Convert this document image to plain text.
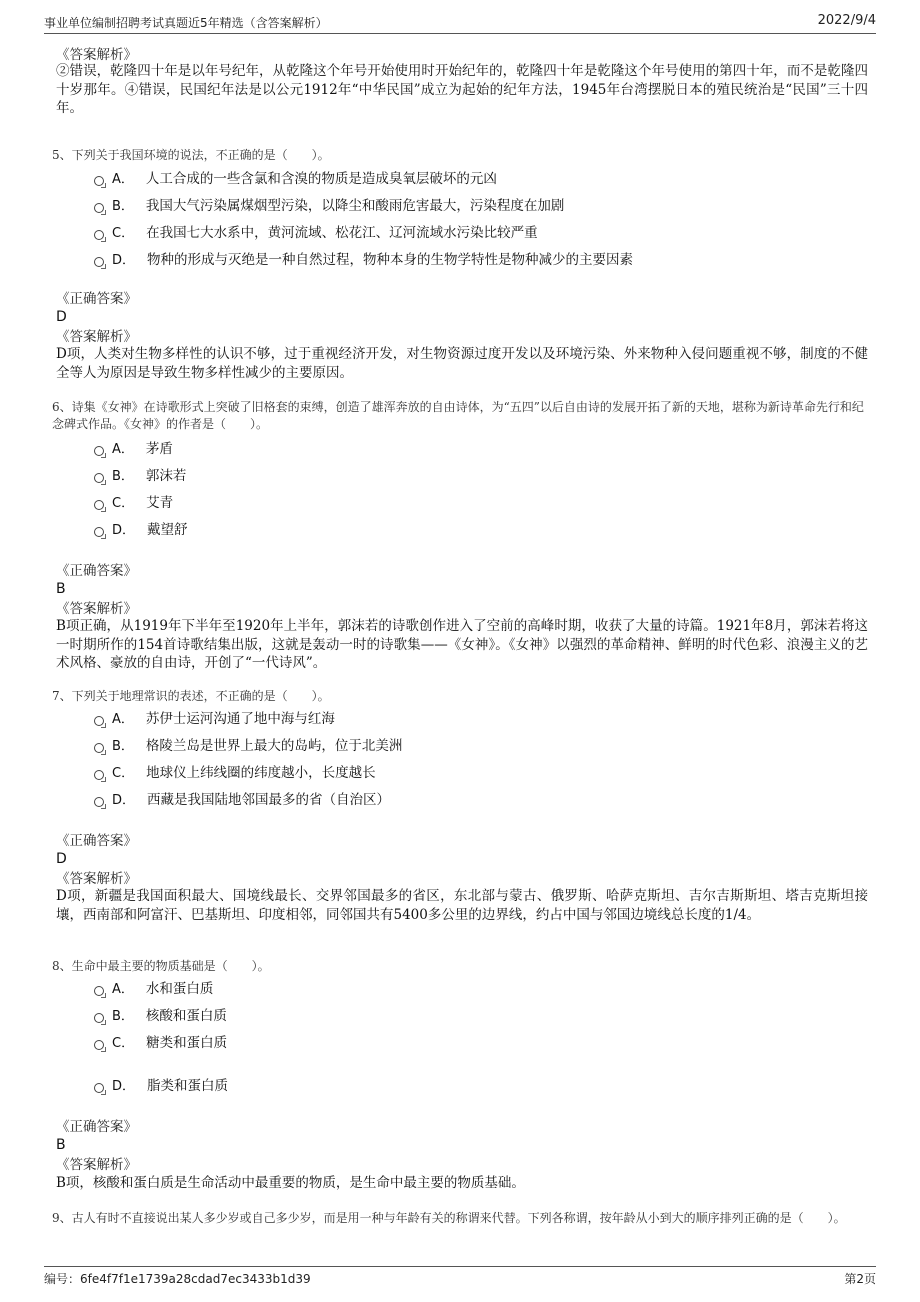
事业单位编制招聘考试真题近5年精选（含答案解析）	2022/9/4
《答案解析》
②错误，乾隆四十年是以年号纪年，从乾隆这个年号开始使用时开始纪年的，乾隆四十年是乾隆这个年号使用的第四十年，而不是乾隆四十岁那年。④错误，民国纪年法是以公元1912年“中华民国”成立为起始的纪年方法，1945年台湾摆脱日本的殖民统治是“民国”三十四年。
5、下列关于我国环境的说法，不正确的是（　　）。
A． 人工合成的一些含氯和含溴的物质是造成臭氧层破坏的元凶
B． 我国大气污染属煤烟型污染，以降尘和酸雨危害最大，污染程度在加剧
C． 在我国七大水系中，黄河流域、松花江、辽河流域水污染比较严重
D． 物种的形成与灭绝是一种自然过程，物种本身的生物学特性是物种减少的主要因素
《正确答案》
D
《答案解析》
D项，人类对生物多样性的认识不够，过于重视经济开发，对生物资源过度开发以及环境污染、外来物种入侵问题重视不够，制度的不健全等人为原因是导致生物多样性减少的主要原因。
6、诗集《女神》在诗歌形式上突破了旧格套的束缚，创造了雄浑奔放的自由诗体，为“五四”以后自由诗的发展开拓了新的天地，堪称为新诗革命先行和纪念碑式作品。《女神》的作者是（　　）。
A． 茅盾
B． 郭沫若
C． 艾青
D． 戴望舒
《正确答案》
B
《答案解析》
B项正确，从1919年下半年至1920年上半年，郭沫若的诗歌创作进入了空前的高峰时期，收获了大量的诗篇。1921年8月，郭沫若将这一时期所作的154首诗歌结集出版，这就是轰动一时的诗歌集——《女神》。《女神》以强烈的革命精神、鲜明的时代色彩、浪漫主义的艺术风格、豪放的自由诗，开创了“一代诗风”。
7、下列关于地理常识的表述，不正确的是（　　）。
A． 苏伊士运河沟通了地中海与红海
B． 格陵兰岛是世界上最大的岛屿，位于北美洲
C． 地球仪上纬线圈的纬度越小，长度越长
D． 西藏是我国陆地邻国最多的省（自治区）
《正确答案》
D
《答案解析》
D项，新疆是我国面积最大、国境线最长、交界邻国最多的省区，东北部与蒙古、俄罗斯、哈萨克斯坦、吉尔吉斯斯坦、塔吉克斯坦接壤，西南部和阿富汗、巴基斯坦、印度相邻，同邻国共有5400多公里的边界线，约占中国与邻国边境线总长度的1/4。
8、生命中最主要的物质基础是（　　）。
A． 水和蛋白质
B． 核酸和蛋白质
C． 糖类和蛋白质
D． 脂类和蛋白质
《正确答案》
B
《答案解析》
B项，核酸和蛋白质是生命活动中最重要的物质，是生命中最主要的物质基础。
9、古人有时不直接说出某人多少岁或自己多少岁，而是用一种与年龄有关的称谓来代替。下列各称谓，按年龄从小到大的顺序排列正确的是（　　）。
编号：6fe4f7f1e1739a28cdad7ec3433b1d39	第2页
